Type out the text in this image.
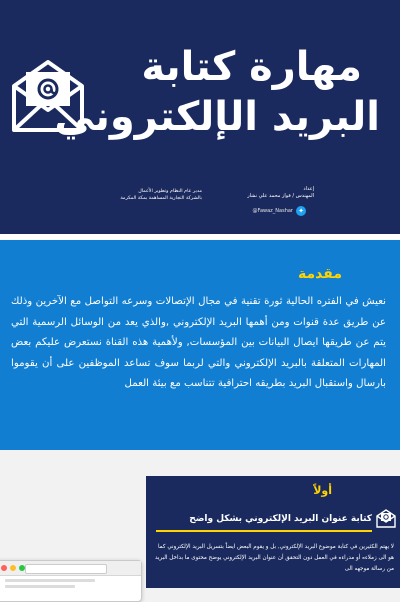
مهارة كتابة
البريد الإلكتروني
إعداد
المهندس / فواز محمد علي نشار
@Fawaz_Nashar ✦
مدير عام النظام وتطوير الأعمال
بالشركة التجارية المساهمة بمكة المكرمة
مقدمة
نعيش في الفتره الحالية ثورة تقنية في مجال الإتصالات وسرعه التواصل مع الآخرين وذلك عن طريق عدة قنوات ومن أهمها البريد الإلكتروني ,والذي يعد من الوسائل الرسمية التي يتم عن طريقها ايصال البيانات بين المؤسسات, ولأهمية هذه القناة نستعرض عليكم بعض المهارات المتعلقة بالبريد الإلكتروني والتي لربما سوف تساعد الموظفين على أن يقوموا بارسال واستقبال البريد بطريقه احترافية تتناسب مع بيئة العمل
أولاً
كتابة عنوان البريد الإلكتروني بشكل واضح
لا يهتم الكثيرين في كتابة موضوع البريد الإلكتروني, بل و يقوم البعض ايضاً بتسريل البريد الإلكتروني كما هو الى زملاءه أو مدراءه في العمل دون التحقق أن عنوان البريد الإلكتروني يوضح محتوى ما بداخل البريد من رسالة موجهه الى
